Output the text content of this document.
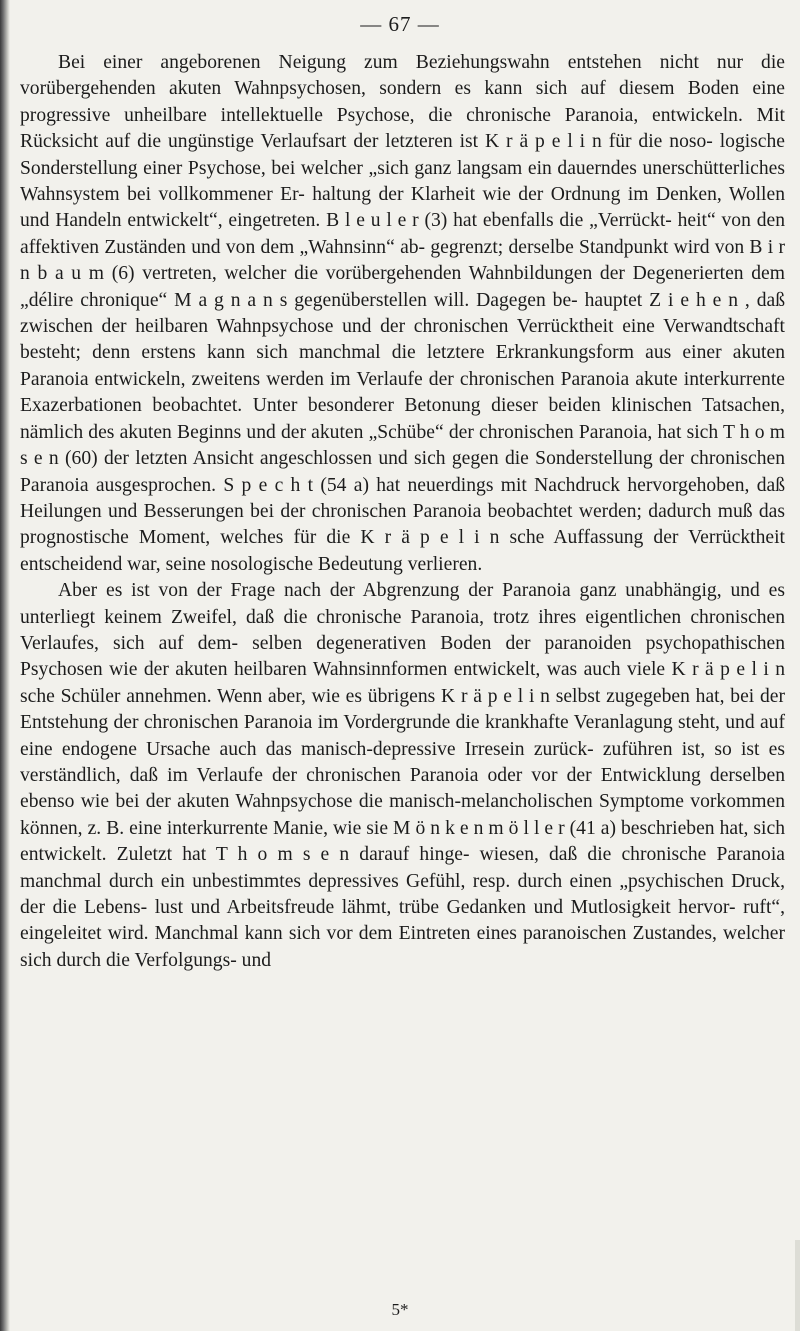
— 67 —

Bei einer angeborenen Neigung zum Beziehungswahn entstehen nicht nur die vorübergehenden akuten Wahnpsychosen, sondern es kann sich auf diesem Boden eine progressive unheilbare intellektuelle Psychose, die chronische Paranoia, entwickeln. Mit Rücksicht auf die ungünstige Verlaufsart der letzteren ist K r ä p e l i n für die noso- logische Sonderstellung einer Psychose, bei welcher „sich ganz langsam ein dauerndes unerschütterliches Wahnsystem bei vollkommener Er- haltung der Klarheit wie der Ordnung im Denken, Wollen und Handeln entwickelt“, eingetreten. B l e u l e r (3) hat ebenfalls die „Verrückt- heit“ von den affektiven Zuständen und von dem „Wahnsinn“ ab- gegrenzt; derselbe Standpunkt wird von B i r n b a u m (6) vertreten, welcher die vorübergehenden Wahnbildungen der Degenerierten dem „délire chronique“ M a g n a n s gegenüberstellen will. Dagegen be- hauptet Z i e h e n , daß zwischen der heilbaren Wahnpsychose und der chronischen Verrücktheit eine Verwandtschaft besteht; denn erstens kann sich manchmal die letztere Erkrankungsform aus einer akuten Paranoia entwickeln, zweitens werden im Verlaufe der chronischen Paranoia akute interkurrente Exazerbationen beobachtet. Unter besonderer Betonung dieser beiden klinischen Tatsachen, nämlich des akuten Beginns und der akuten „Schübe“ der chronischen Paranoia, hat sich T h o m s e n (60) der letzten Ansicht angeschlossen und sich gegen die Sonderstellung der chronischen Paranoia ausgesprochen. S p e c h t (54 a) hat neuerdings mit Nachdruck hervorgehoben, daß Heilungen und Besserungen bei der chronischen Paranoia beobachtet werden; dadurch muß das prognostische Moment, welches für die K r ä p e l i n sche Auffassung der Verrücktheit entscheidend war, seine nosologische Bedeutung verlieren.

Aber es ist von der Frage nach der Abgrenzung der Paranoia ganz unabhängig, und es unterliegt keinem Zweifel, daß die chronische Paranoia, trotz ihres eigentlichen chronischen Verlaufes, sich auf dem- selben degenerativen Boden der paranoiden psychopathischen Psychosen wie der akuten heilbaren Wahnsinnformen entwickelt, was auch viele K r ä p e l i n sche Schüler annehmen. Wenn aber, wie es übrigens K r ä p e l i n selbst zugegeben hat, bei der Entstehung der chronischen Paranoia im Vordergrunde die krankhafte Veranlagung steht, und auf eine endogene Ursache auch das manisch-depressive Irresein zurück- zuführen ist, so ist es verständlich, daß im Verlaufe der chronischen Paranoia oder vor der Entwicklung derselben ebenso wie bei der akuten Wahnpsychose die manisch-melancholischen Symptome vorkommen können, z. B. eine interkurrente Manie, wie sie M ö n k e n m ö l l e r (41 a) beschrieben hat, sich entwickelt. Zuletzt hat T h o m s e n darauf hinge- wiesen, daß die chronische Paranoia manchmal durch ein unbestimmtes depressives Gefühl, resp. durch einen „psychischen Druck, der die Lebens- lust und Arbeitsfreude lähmt, trübe Gedanken und Mutlosigkeit hervor- ruft“, eingeleitet wird. Manchmal kann sich vor dem Eintreten eines paranoischen Zustandes, welcher sich durch die Verfolgungs- und

5*
